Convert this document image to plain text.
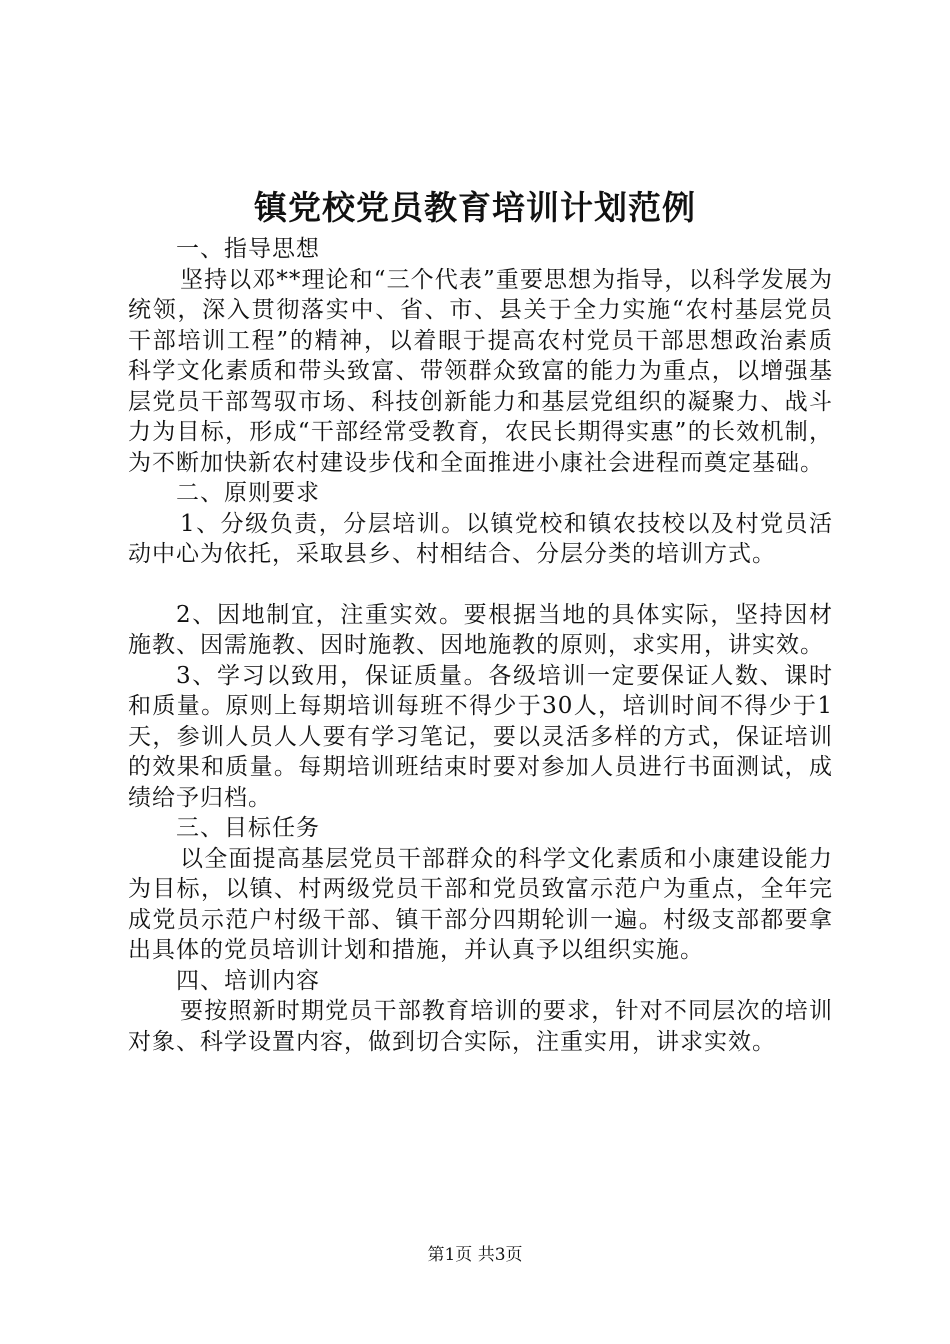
镇党校党员教育培训计划范例

一、指导思想

坚持以邓**理论和“三个代表”重要思想为指导，以科学发展为统领，深入贯彻落实中、省、市、县关于全力实施“农村基层党员干部培训工程”的精神，以着眼于提高农村党员干部思想政治素质科学文化素质和带头致富、带领群众致富的能力为重点，以增强基层党员干部驾驭市场、科技创新能力和基层党组织的凝聚力、战斗力为目标，形成“干部经常受教育，农民长期得实惠”的长效机制，为不断加快新农村建设步伐和全面推进小康社会进程而奠定基础。

二、原则要求

1、分级负责，分层培训。以镇党校和镇农技校以及村党员活动中心为依托，采取县乡、村相结合、分层分类的培训方式。

2、因地制宜，注重实效。要根据当地的具体实际，坚持因材施教、因需施教、因时施教、因地施教的原则，求实用，讲实效。

3、学习以致用，保证质量。各级培训一定要保证人数、课时和质量。原则上每期培训每班不得少于30人，培训时间不得少于1天，参训人员人人要有学习笔记，要以灵活多样的方式，保证培训的效果和质量。每期培训班结束时要对参加人员进行书面测试，成绩给予归档。

三、目标任务

以全面提高基层党员干部群众的科学文化素质和小康建设能力为目标，以镇、村两级党员干部和党员致富示范户为重点，全年完成党员示范户村级干部、镇干部分四期轮训一遍。村级支部都要拿出具体的党员培训计划和措施，并认真予以组织实施。

四、培训内容

要按照新时期党员干部教育培训的要求，针对不同层次的培训对象、科学设置内容，做到切合实际，注重实用，讲求实效。

第1页 共3页
